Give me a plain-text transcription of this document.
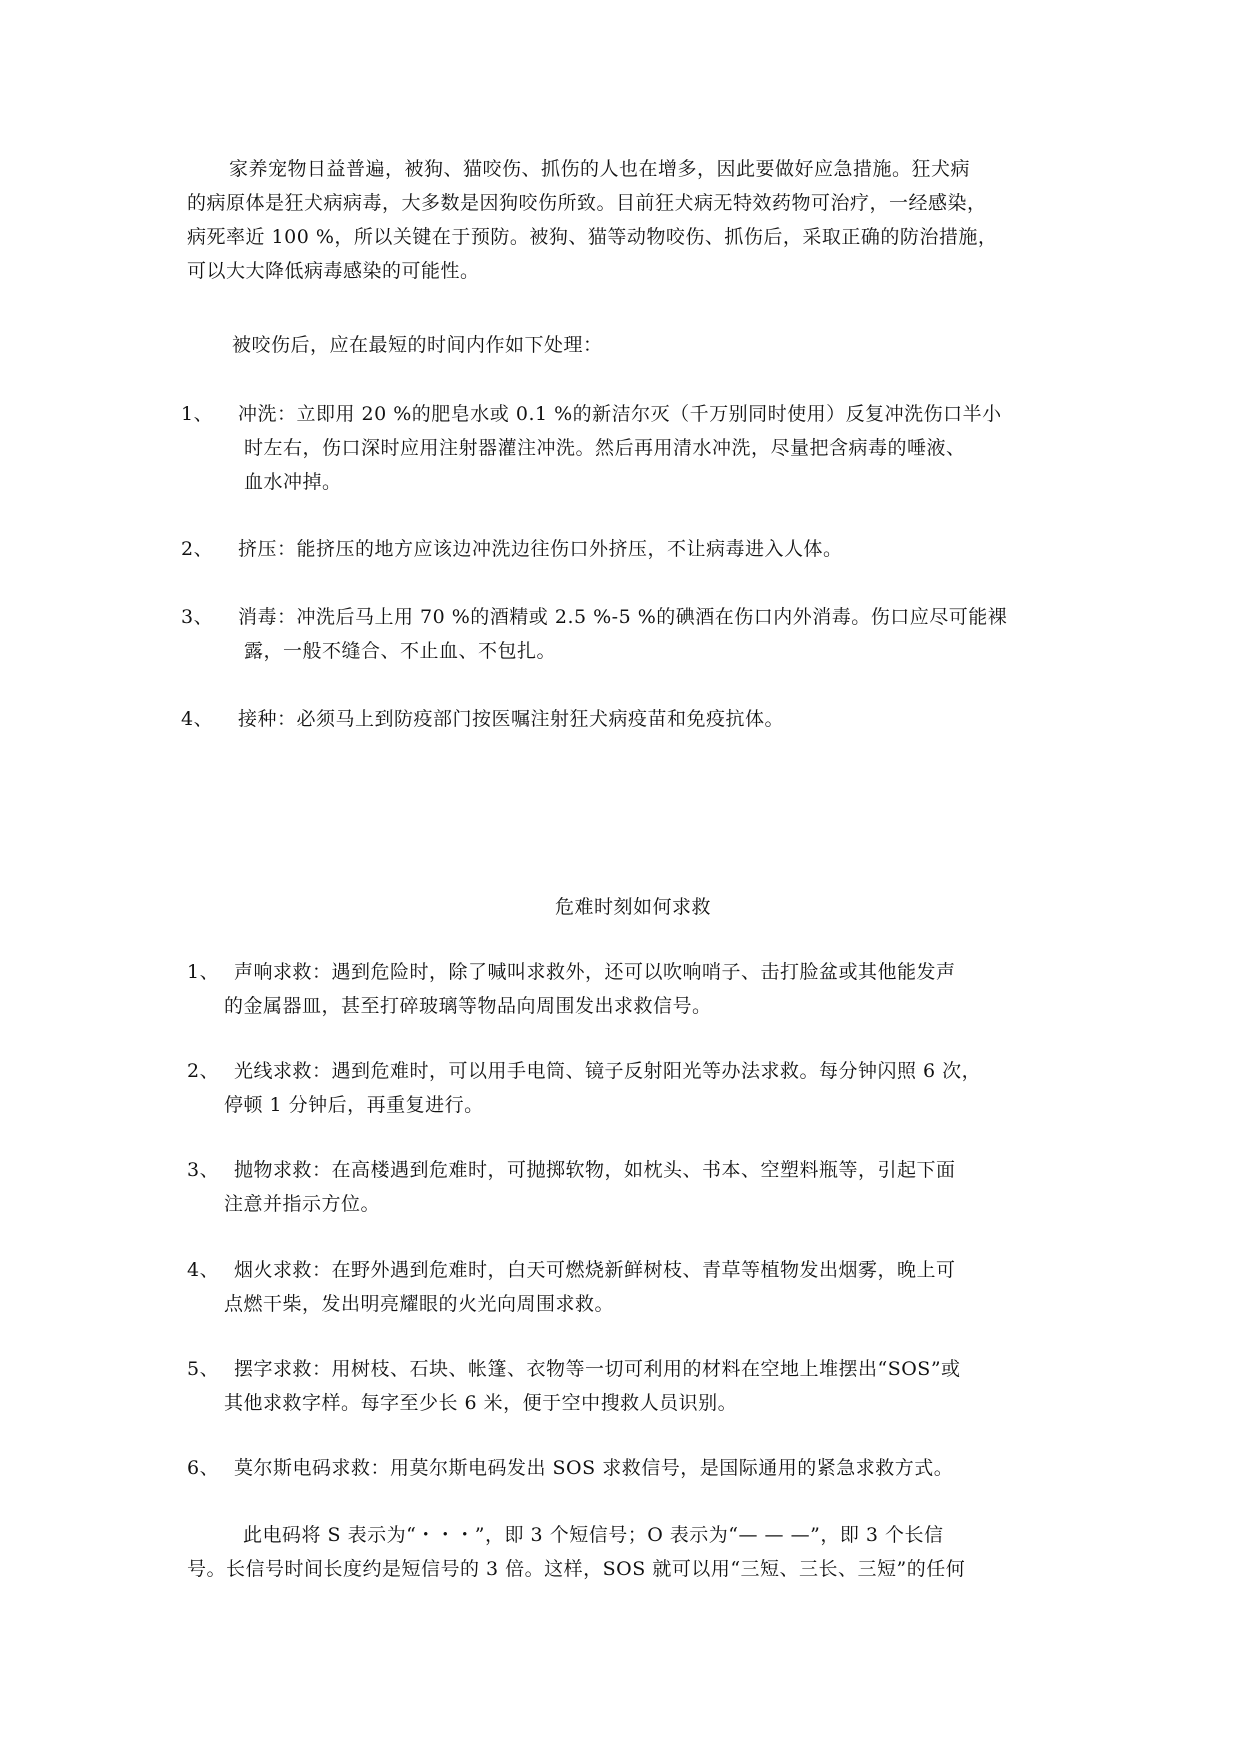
家养宠物日益普遍，被狗、猫咬伤、抓伤的人也在增多，因此要做好应急措施。狂犬病
的病原体是狂犬病病毒，大多数是因狗咬伤所致。目前狂犬病无特效药物可治疗，一经感染，
病死率近 100 %，所以关键在于预防。被狗、猫等动物咬伤、抓伤后，采取正确的防治措施，
可以大大降低病毒感染的可能性。
被咬伤后，应在最短的时间内作如下处理：
1、 冲洗：立即用 20 %的肥皂水或 0.1 %的新洁尔灭（千万别同时使用）反复冲洗伤口半小
时左右，伤口深时应用注射器灌注冲洗。然后再用清水冲洗，尽量把含病毒的唾液、
血水冲掉。
2、 挤压：能挤压的地方应该边冲洗边往伤口外挤压，不让病毒进入人体。
3、 消毒：冲洗后马上用 70 %的酒精或 2.5 %-5 %的碘酒在伤口内外消毒。伤口应尽可能裸
露，一般不缝合、不止血、不包扎。
4、 接种：必须马上到防疫部门按医嘱注射狂犬病疫苗和免疫抗体。
危难时刻如何求救
1、 声响求救：遇到危险时，除了喊叫求救外，还可以吹响哨子、击打脸盆或其他能发声
的金属器皿，甚至打碎玻璃等物品向周围发出求救信号。
2、 光线求救：遇到危难时，可以用手电筒、镜子反射阳光等办法求救。每分钟闪照 6 次，
停顿 1 分钟后，再重复进行。
3、 抛物求救：在高楼遇到危难时，可抛掷软物，如枕头、书本、空塑料瓶等，引起下面
注意并指示方位。
4、 烟火求救：在野外遇到危难时，白天可燃烧新鲜树枝、青草等植物发出烟雾，晚上可
点燃干柴，发出明亮耀眼的火光向周围求救。
5、 摆字求救：用树枝、石块、帐篷、衣物等一切可利用的材料在空地上堆摆出“SOS”或
其他求救字样。每字至少长 6 米，便于空中搜救人员识别。
6、 莫尔斯电码求救：用莫尔斯电码发出 SOS 求救信号，是国际通用的紧急求救方式。
此电码将 S 表示为“・・・”，即 3 个短信号；O 表示为“— — —”，即 3 个长信
号。长信号时间长度约是短信号的 3 倍。这样，SOS 就可以用“三短、三长、三短”的任何
